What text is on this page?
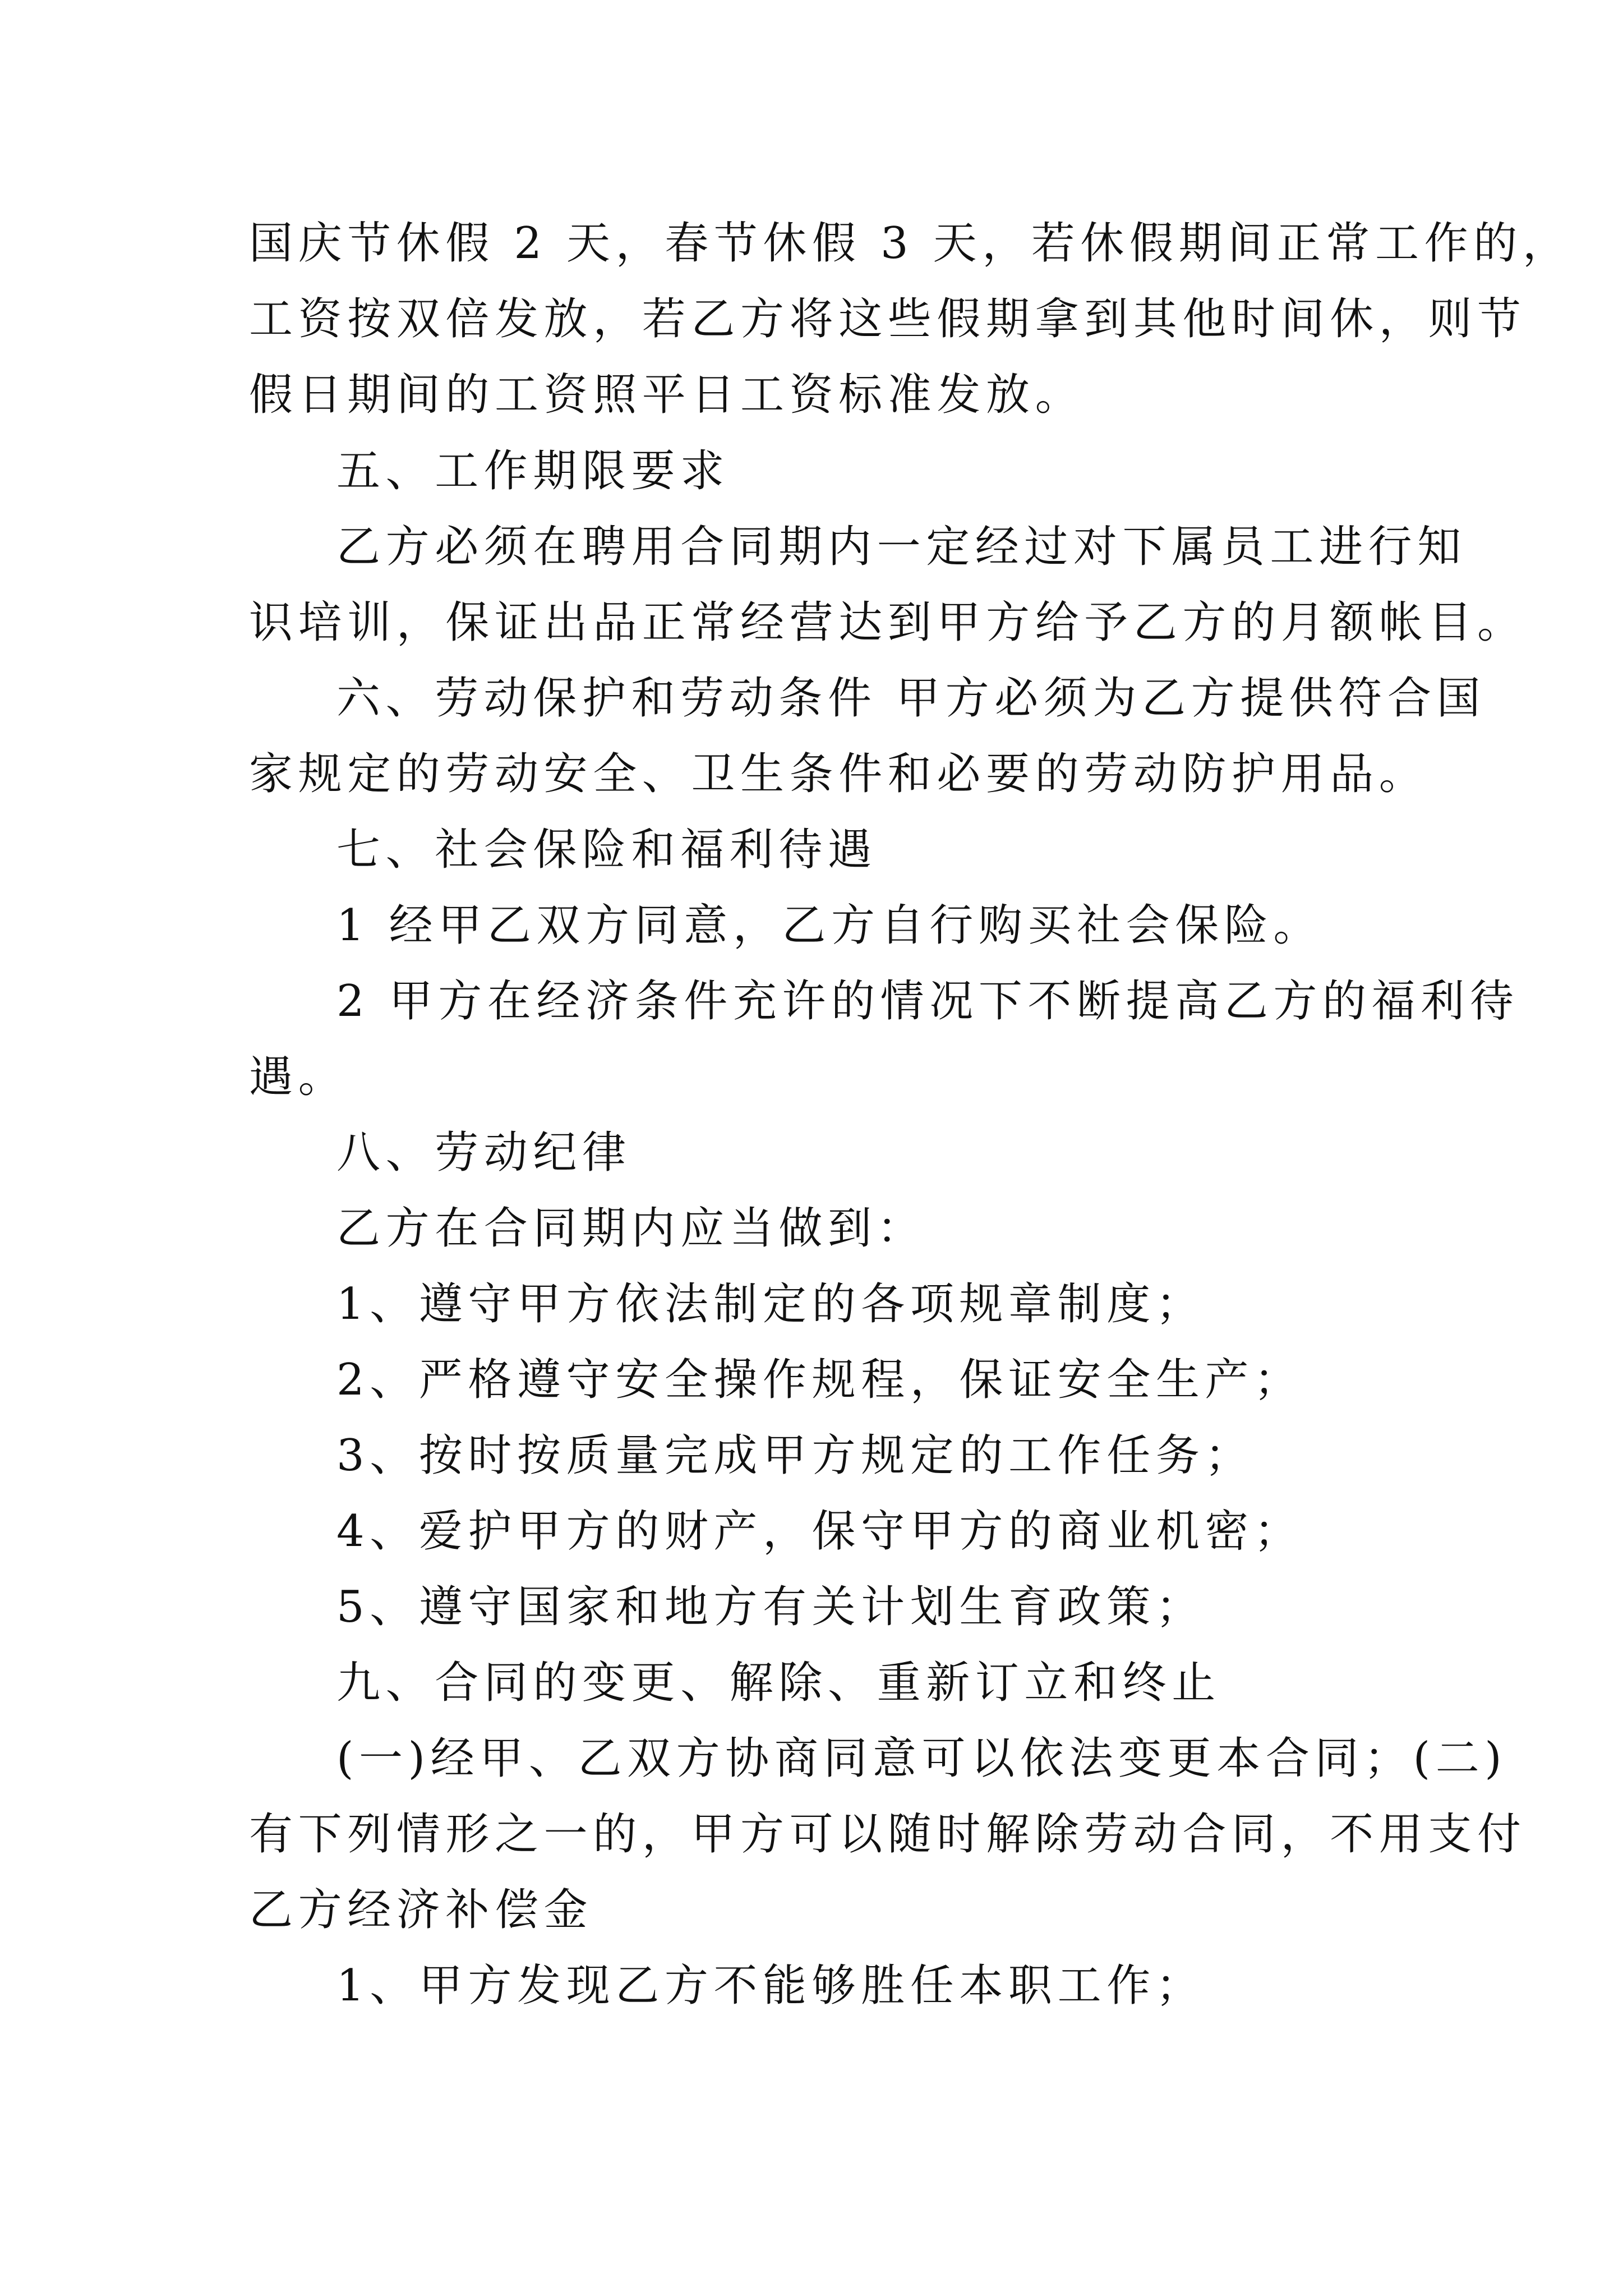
国庆节休假 2 天，春节休假 3 天，若休假期间正常工作的，
工资按双倍发放，若乙方将这些假期拿到其他时间休，则节
假日期间的工资照平日工资标准发放。
五、工作期限要求
乙方必须在聘用合同期内一定经过对下属员工进行知
识培训，保证出品正常经营达到甲方给予乙方的月额帐目。
六、劳动保护和劳动条件 甲方必须为乙方提供符合国
家规定的劳动安全、卫生条件和必要的劳动防护用品。
七、社会保险和福利待遇
1 经甲乙双方同意，乙方自行购买社会保险。
2 甲方在经济条件充许的情况下不断提高乙方的福利待
遇。
八、劳动纪律
乙方在合同期内应当做到：
1、遵守甲方依法制定的各项规章制度；
2、严格遵守安全操作规程，保证安全生产；
3、按时按质量完成甲方规定的工作任务；
4、爱护甲方的财产，保守甲方的商业机密；
5、遵守国家和地方有关计划生育政策；
九、合同的变更、解除、重新订立和终止
(一)经甲、乙双方协商同意可以依法变更本合同；(二)
有下列情形之一的，甲方可以随时解除劳动合同，不用支付
乙方经济补偿金
1、甲方发现乙方不能够胜任本职工作；
